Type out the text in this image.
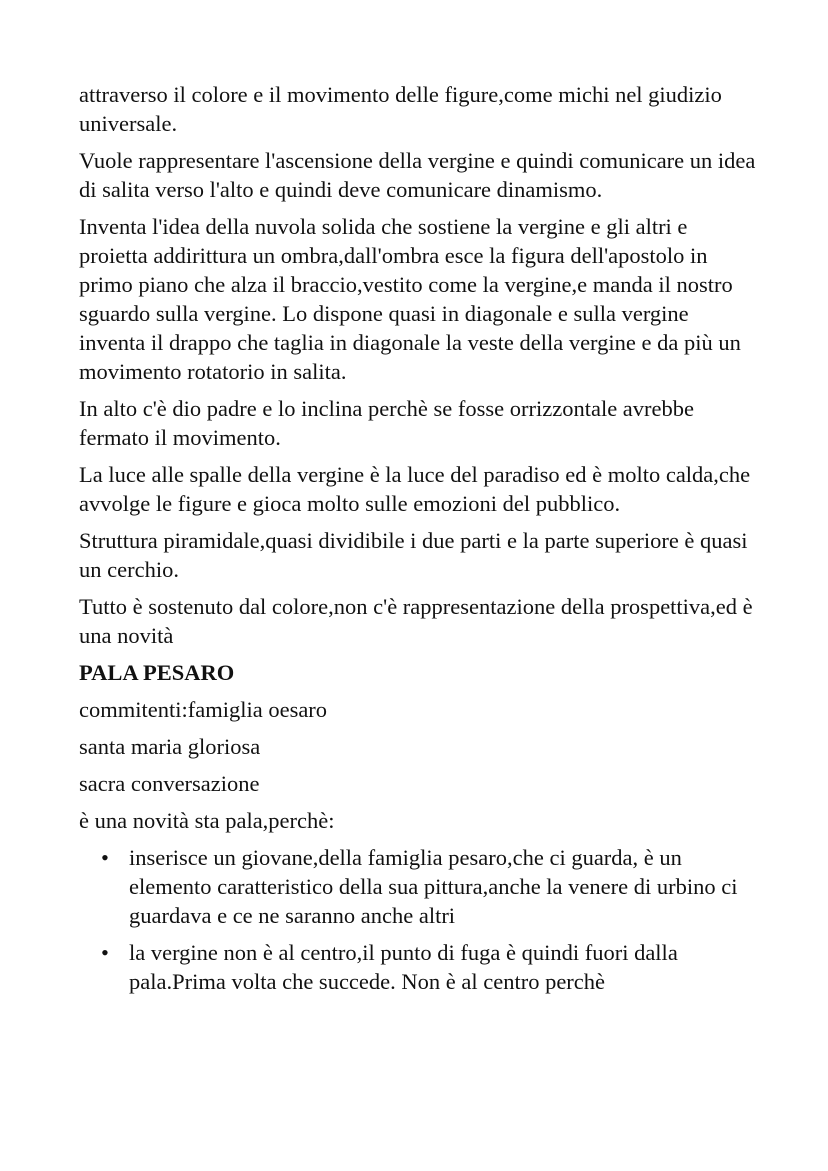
attraverso il colore e il movimento delle figure,come michi nel giudizio universale.

Vuole rappresentare l'ascensione della vergine e quindi comunicare un idea di salita verso l'alto e quindi deve comunicare dinamismo.

Inventa l'idea della nuvola solida che sostiene la vergine e gli altri e proietta addirittura un ombra,dall'ombra esce la figura dell'apostolo in primo piano che alza il braccio,vestito come la vergine,e manda il nostro sguardo sulla vergine. Lo dispone quasi in diagonale e sulla vergine inventa il drappo che taglia in diagonale la veste della vergine e da più un movimento rotatorio in salita.

In alto c'è dio padre e lo inclina perchè se fosse orrizzontale avrebbe fermato il movimento.

La luce alle spalle della vergine è la luce del paradiso ed è molto calda,che avvolge le figure e gioca molto sulle emozioni del pubblico.

Struttura piramidale,quasi dividibile i due parti e la parte superiore è quasi un cerchio.

Tutto è sostenuto dal colore,non c'è rappresentazione della prospettiva,ed è una novità

PALA PESARO

commitenti:famiglia oesaro

santa maria gloriosa

sacra conversazione

è una novità sta pala,perchè:

• inserisce un giovane,della famiglia pesaro,che ci guarda, è un elemento caratteristico della sua pittura,anche la venere di urbino ci guardava e ce ne saranno anche altri
• la vergine non è al centro,il punto di fuga è quindi fuori dalla pala.Prima volta che succede. Non è al centro perchè
